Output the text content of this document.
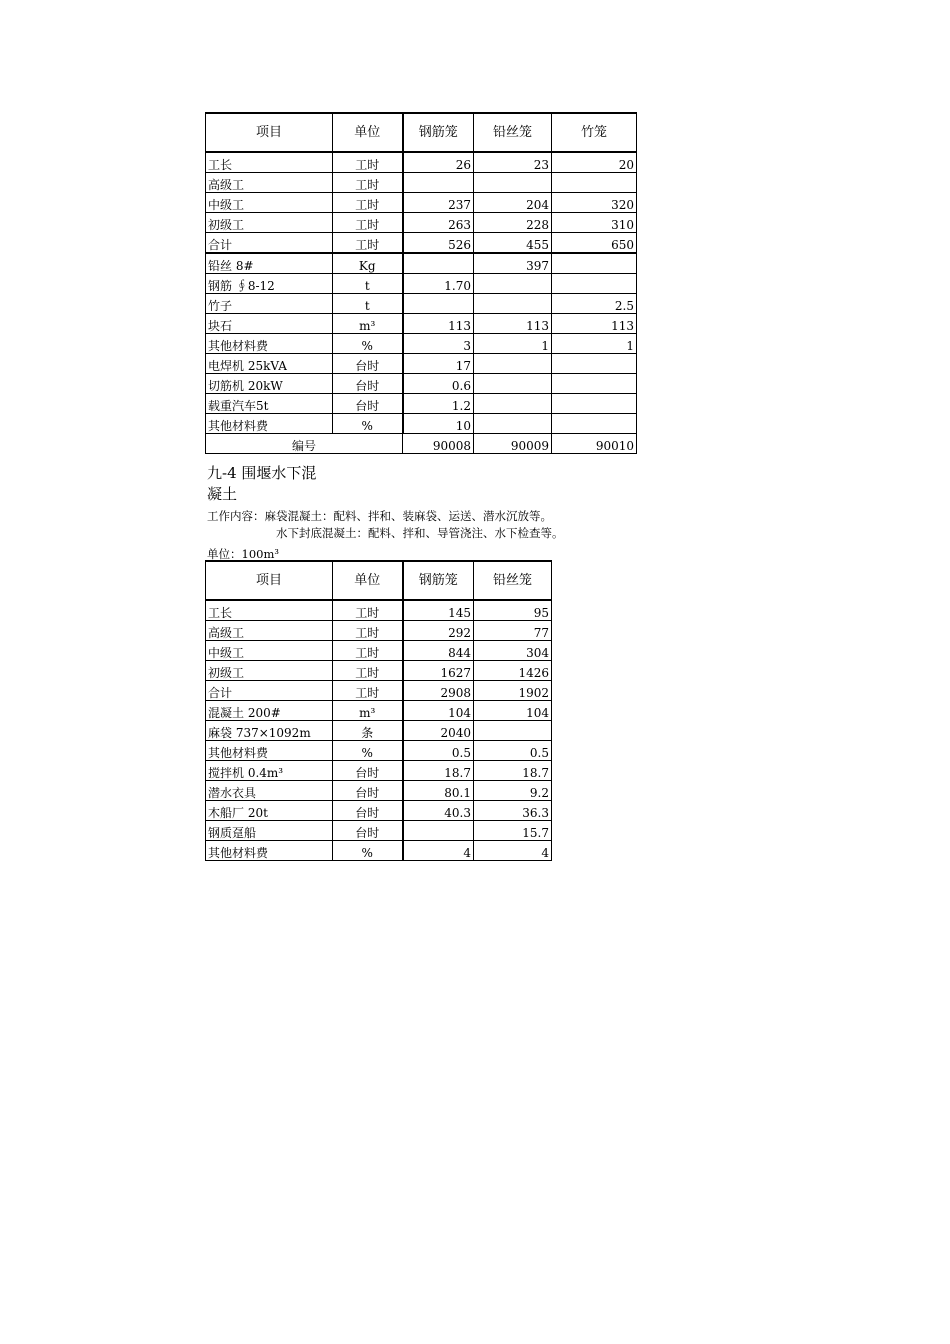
项目	单位	钢筋笼	铅丝笼	竹笼
工长	工时	26	23	20
高级工	工时			
中级工	工时	237	204	320
初级工	工时	263	228	310
合计	工时	526	455	650
铅丝 8#	Kg		397	
钢筋 ∮8-12	t	1.70		
竹子	t			2.5
块石	m³	113	113	113
其他材料费	%	3	1	1
电焊机 25kVA	台时	17		
切筋机 20kW	台时	0.6		
载重汽车5t	台时	1.2		
其他材料费	%	10		
编号		90008	90009	90010
九-4 围堰水下混
凝土
工作内容：麻袋混凝土：配料、拌和、装麻袋、运送、潜水沉放等。
水下封底混凝土：配料、拌和、导管浇注、水下检查等。
单位：100m³
项目	单位	钢筋笼	铅丝笼
工长	工时	145	95
高级工	工时	292	77
中级工	工时	844	304
初级工	工时	1627	1426
合计	工时	2908	1902
混凝土 200#	m³	104	104
麻袋 737×1092m	条	2040	
其他材料费	%	0.5	0.5
搅拌机 0.4m³	台时	18.7	18.7
潜水衣具	台时	80.1	9.2
木船厂 20t	台时	40.3	36.3
钢质趸船	台时		15.7
其他材料费	%	4	4
